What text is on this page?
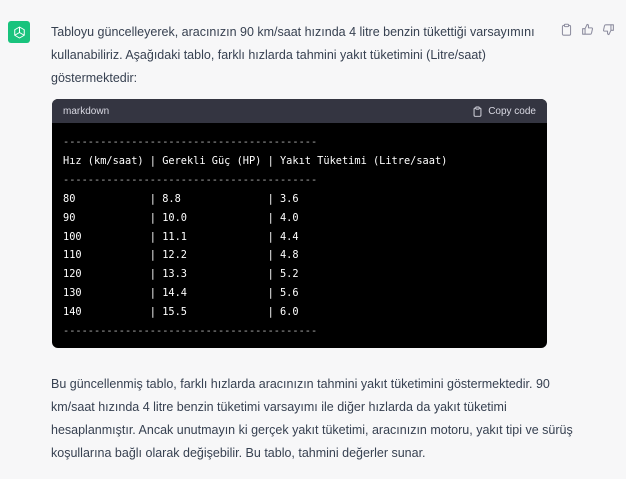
Tabloyu güncelleyerek, aracınızın 90 km/saat hızında 4 litre benzin tükettiği varsayımını kullanabiliriz. Aşağıdaki tablo, farklı hızlarda tahmini yakıt tüketimini (Litre/saat) göstermektedir:
markdown	Copy code
-----------------------------------------
Hız (km/saat) | Gerekli Güç (HP) | Yakıt Tüketimi (Litre/saat)
-----------------------------------------
80            | 8.8              | 3.6
90            | 10.0             | 4.0
100           | 11.1             | 4.4
110           | 12.2             | 4.8
120           | 13.3             | 5.2
130           | 14.4             | 5.6
140           | 15.5             | 6.0
-----------------------------------------
Bu güncellenmiş tablo, farklı hızlarda aracınızın tahmini yakıt tüketimini göstermektedir. 90 km/saat hızında 4 litre benzin tüketimi varsayımı ile diğer hızlarda da yakıt tüketimi hesaplanmıştır. Ancak unutmayın ki gerçek yakıt tüketimi, aracınızın motoru, yakıt tipi ve sürüş koşullarına bağlı olarak değişebilir. Bu tablo, tahmini değerler sunar.
